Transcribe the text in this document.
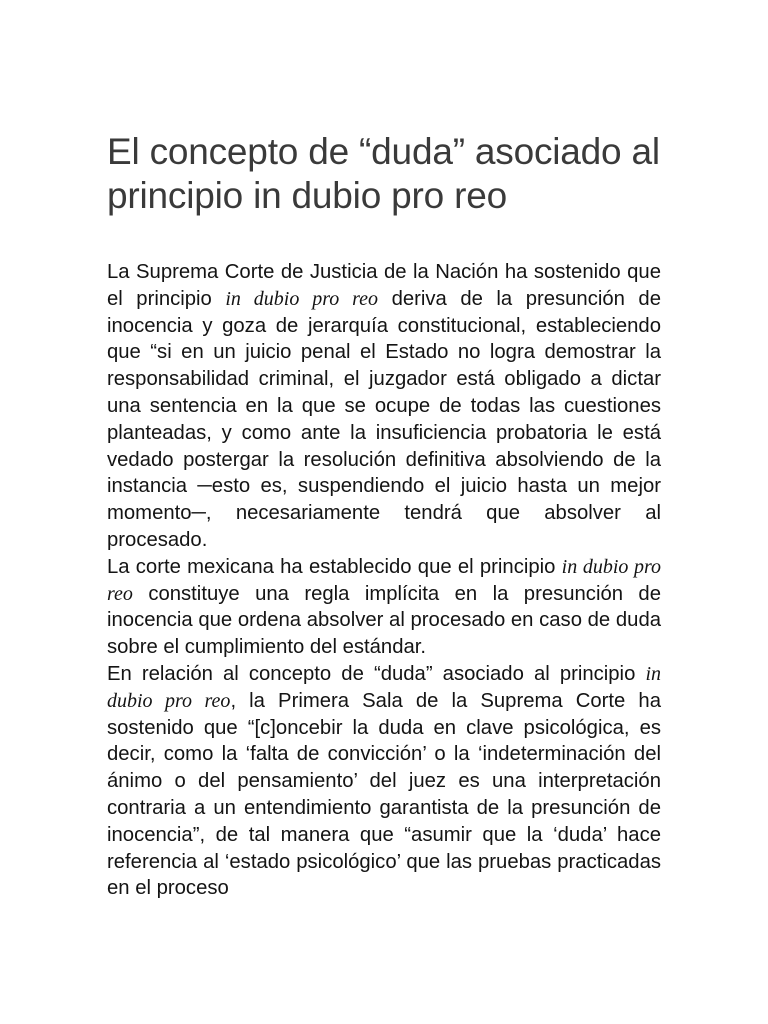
El concepto de “duda” asociado al principio in dubio pro reo

La Suprema Corte de Justicia de la Nación ha sostenido que el principio in dubio pro reo deriva de la presunción de inocencia y goza de jerarquía constitucional, estableciendo que “si en un juicio penal el Estado no logra demostrar la responsabilidad criminal, el juzgador está obligado a dictar una sentencia en la que se ocupe de todas las cuestiones planteadas, y como ante la insuficiencia probatoria le está vedado postergar la resolución definitiva absolviendo de la instancia ─esto es, suspendiendo el juicio hasta un mejor momento─, necesariamente tendrá que absolver al procesado.

La corte mexicana ha establecido que el principio in dubio pro reo constituye una regla implícita en la presunción de inocencia que ordena absolver al procesado en caso de duda sobre el cumplimiento del estándar.

En relación al concepto de “duda” asociado al principio in dubio pro reo, la Primera Sala de la Suprema Corte ha sostenido que “[c]oncebir la duda en clave psicológica, es decir, como la ‘falta de convicción’ o la ‘indeterminación del ánimo o del pensamiento’ del juez es una interpretación contraria a un entendimiento garantista de la presunción de inocencia”, de tal manera que “asumir que la ‘duda’ hace referencia al ‘estado psicológico’ que las pruebas practicadas en el proceso
